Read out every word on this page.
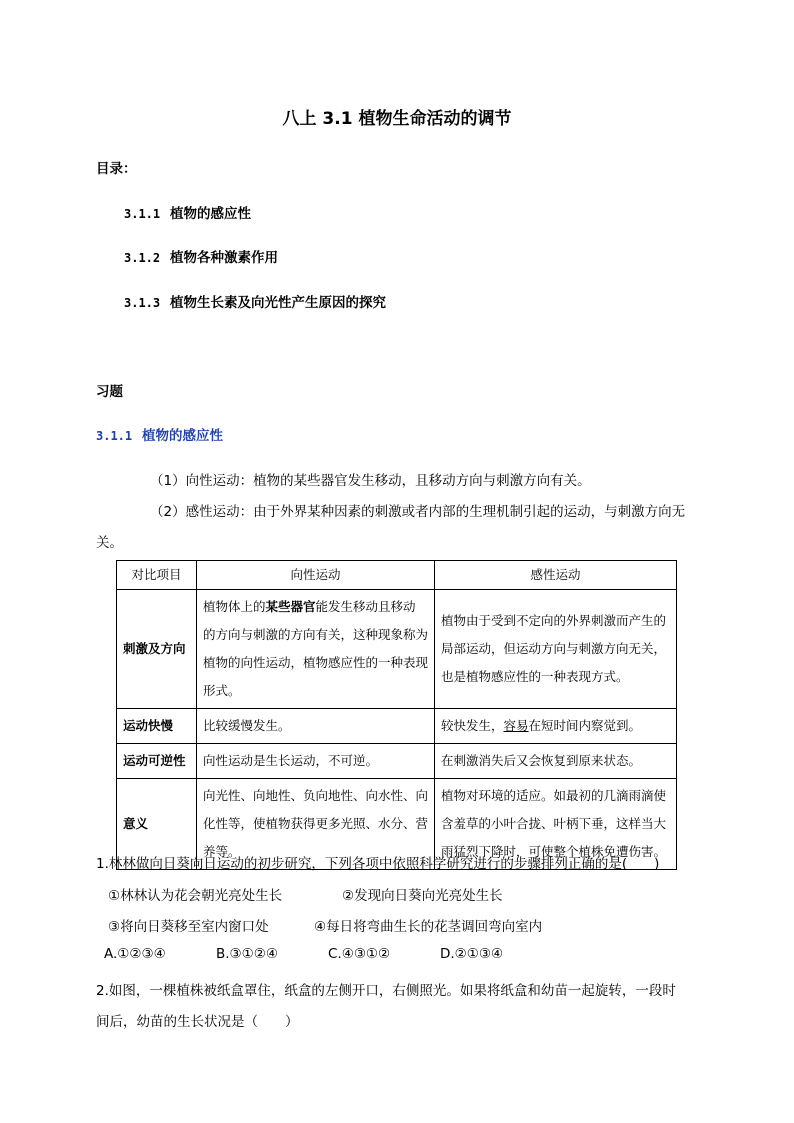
八上 3.1 植物生命活动的调节
目录：
3.1.1 植物的感应性
3.1.2 植物各种激素作用
3.1.3 植物生长素及向光性产生原因的探究
习题
3.1.1 植物的感应性
（1）向性运动：植物的某些器官发生移动，且移动方向与刺激方向有关。
（2）感性运动：由于外界某种因素的刺激或者内部的生理机制引起的运动，与刺激方向无
关。
对比项目	向性运动	感性运动
刺激及方向	植物体上的某些器官能发生移动且移动的方向与刺激的方向有关，这种现象称为植物的向性运动，植物感应性的一种表现形式。	植物由于受到不定向的外界刺激而产生的局部运动，但运动方向与刺激方向无关，也是植物感应性的一种表现方式。
运动快慢	比较缓慢发生。	较快发生，容易在短时间内察觉到。
运动可逆性	向性运动是生长运动，不可逆。	在刺激消失后又会恢复到原来状态。
意义	向光性、向地性、负向地性、向水性、向化性等，使植物获得更多光照、水分、营养等。	植物对环境的适应。如最初的几滴雨滴使含羞草的小叶合拢、叶柄下垂，这样当大雨猛烈下降时，可使整个植株免遭伤害。
1.林林做向日葵向日运动的初步研究，下列各项中依照科学研究进行的步骤排列正确的是(　　)
①林林认为花会朝光亮处生长	②发现向日葵向光亮处生长
③将向日葵移至室内窗口处	④每日将弯曲生长的花茎调回弯向室内
A.①②③④	B.③①②④	C.④③①②	D.②①③④
2.如图，一棵植株被纸盒罩住，纸盒的左侧开口，右侧照光。如果将纸盒和幼苗一起旋转，一段时
间后，幼苗的生长状况是（　　）
